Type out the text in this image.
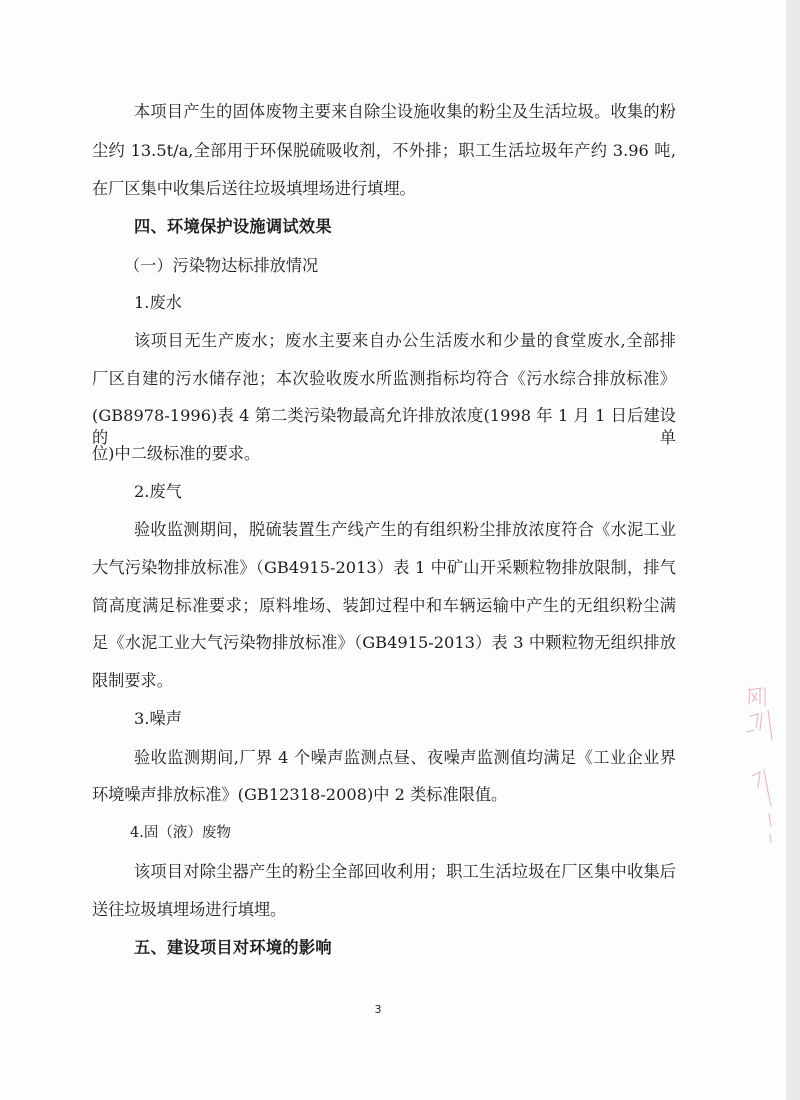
本项目产生的固体废物主要来自除尘设施收集的粉尘及生活垃圾。收集的粉

尘约 13.5t/a,全部用于环保脱硫吸收剂，不外排；职工生活垃圾年产约 3.96 吨,

在厂区集中收集后送往垃圾填埋场进行填埋。

四、环境保护设施调试效果

（一）污染物达标排放情况

1.废水

该项目无生产废水；废水主要来自办公生活废水和少量的食堂废水,全部排

厂区自建的污水储存池；本次验收废水所监测指标均符合《污水综合排放标准》

(GB8978-1996)表 4 第二类污染物最高允许排放浓度(1998 年 1 月 1 日后建设的单

位)中二级标准的要求。

2.废气

验收监测期间，脱硫装置生产线产生的有组织粉尘排放浓度符合《水泥工业

大气污染物排放标准》（GB4915-2013）表 1 中矿山开采颗粒物排放限制，排气

筒高度满足标准要求；原料堆场、装卸过程中和车辆运输中产生的无组织粉尘满

足《水泥工业大气污染物排放标准》（GB4915-2013）表 3 中颗粒物无组织排放

限制要求。

3.噪声

验收监测期间,厂界 4 个噪声监测点昼、夜噪声监测值均满足《工业企业界

环境噪声排放标准》(GB12318-2008)中 2 类标准限值。

4.固（液）废物

该项目对除尘器产生的粉尘全部回收利用；职工生活垃圾在厂区集中收集后

送往垃圾填埋场进行填埋。

五、建设项目对环境的影响

3
